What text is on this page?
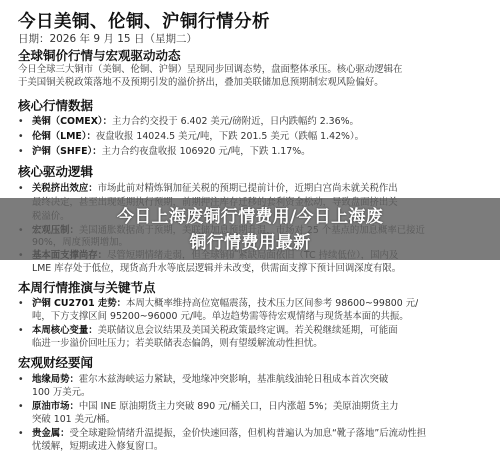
今日美铜、伦铜、沪铜行情分析
日期：2026 年 9 月 15 日（星期二）
全球铜价行情与宏观驱动动态
今日全球三大铜市（美铜、伦铜、沪铜）呈现同步回调态势，盘面整体承压。核心驱动逻辑在
于美国铜关税政策落地不及预期引发的溢价挤出，叠加美联储加息预期制宏观风险偏好。
核心行情数据
• 美铜（COMEX）：主力合约交投于 6.402 美元/磅附近，日内跌幅约 2.36%。
• 伦铜（LME）：夜盘收报 14024.5 美元/吨，下跌 201.5 美元（跌幅 1.42%）。
• 沪铜（SHFE）：主力合约夜盘收报 106920 元/吨，下跌 1.17%。
核心驱动逻辑
• 关税挤出效应：市场此前对精炼铜加征关税的预期已提前计价，近期白宫尚未就关税作出
LME 库存处于低位，现货高升水等底层逻辑并未改变，供需面支撑下预计回调深度有限。
本周行情推演与关键节点
• 沪铜 CU2701 走势：本周大概率维持高位宽幅震荡，技术压力区间参考 98600~99800 元/
吨，下方支撑区间 95200~96000 元/吨。单边趋势需等待宏观情绪与现货基本面的共振。
• 本周核心变量：美联储议息会议结果及美国关税政策最终定调。若关税继续延期，可能面
临进一步溢价回吐压力；若美联储表态偏鸽，则有望缓解流动性担忧。
宏观财经要闻
• 地缘局势：霍尔木兹海峡运力紧缺，受地缘冲突影响，基准航线油轮日租成本首次突破
100 万美元。
• 原油市场：中国 INE 原油期货主力突破 890 元/桶关口，日内涨超 5%；美原油期货主力
突破 101 美元/桶。
• 贵金属：受全球避险情绪升温提振，金价快速回落，但机构普遍认为加息“靴子落地”后流动性担
忧缓解，短期或进入修复窗口。
今日上海废铜行情费用/今日上海废
铜行情费用最新
